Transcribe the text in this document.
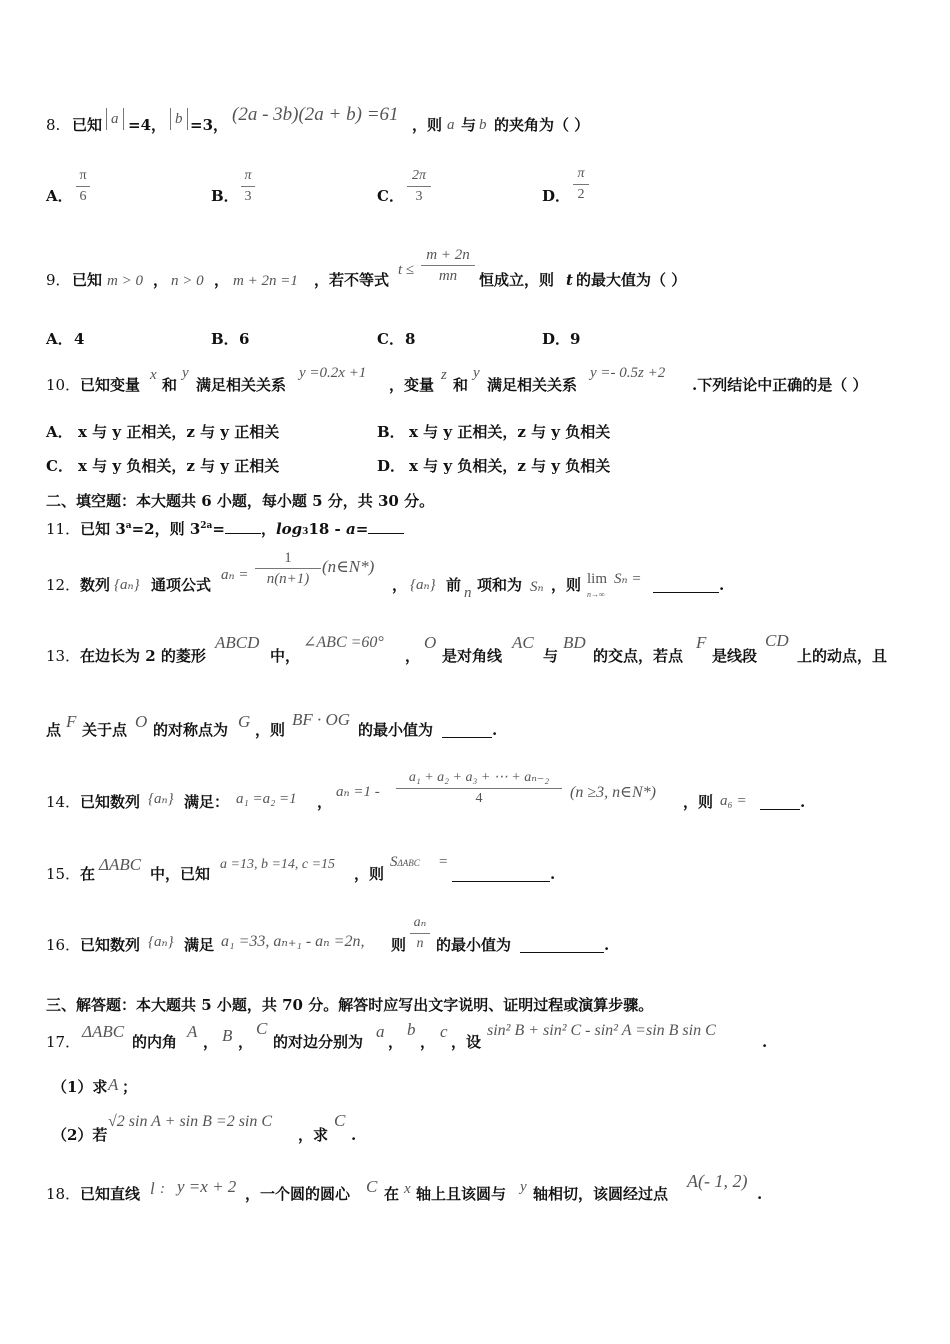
8. 已知 a =4， b =3， (2a - 3b)(2a + b) =61 ，则 a 与 b 的夹角为（ ）
A．
π
6	B．
π
3	C．
2π
3	D．
π
2
9． 已知 m > 0 ， n > 0 ， m + 2n =1 ，若不等式
t ≤
m + 2n
mn	恒成立，则 t 的最大值为（ ）
A． 4	B． 6	C． 8	D． 9
10． 已知变量
x
和
y
满足相关关系
y =0.2x +1
，变量
z
和
y
满足相关关系
y =- 0.5z +2
.下列结论中正确的是（ ）
A． x 与 y 正相关，z 与 y 正相关	B． x 与 y 正相关，z 与 y 负相关
C． x 与 y 负相关，z 与 y 正相关	D． x 与 y 负相关，z 与 y 负相关
二、填空题：本大题共 6 小题，每小题 5 分，共 30 分。
11．已知 $3^a=2$，则 $3^{2a}=$ ，log318 - a=
12． 数列 {aₙ} 通项公式
aₙ =
1
n(n+1)
(n∈N*)
， {aₙ} 前 n 项和为 Sₙ ，则 lim
n→∞
Sₙ =	.
13． 在边长为 2 的菱形
ABCD
中，
∠ABC =60°
，
O
是对角线
AC
与
BD
的交点，若点
F
是线段
CD
上的动点，且
点 F 关于点 O 的对称点为 G ，则
BF · OG
的最小值为	.
14． 已知数列 {aₙ} 满足： a₁ =a₂ =1 ，
aₙ =1 -
a₁ + a₂ + a₃ + ⋯ + aₙ₋₂
4	(n ≥3, n∈N*)
，则 a₆ =	.
15． 在 ΔABC 中，已知
a =13, b =14, c =15
，则
SΔABC =
.
16． 已知数列 {aₙ} 满足 a₁ =33, aₙ₊₁ - aₙ =2n, 则
aₙ
n 的最小值为	.
三、解答题：本大题共 5 小题，共 70 分。解答时应写出文字说明、证明过程或演算步骤。
17．
ΔABC
的内角
A
， B ，
C
的对边分别为
a
，
b
，
c
，设
sin² B + sin² C - sin² A =sin B sin C
.
（1）求 A ；
（2）若
√2 sin A + sin B =2 sin C
，求
C
.
18． 已知直线 l : y =x + 2 ，一个圆的圆心 C 在 x 轴上且该圆与 y 轴相切，该圆经过点
A(- 1, 2)
.
